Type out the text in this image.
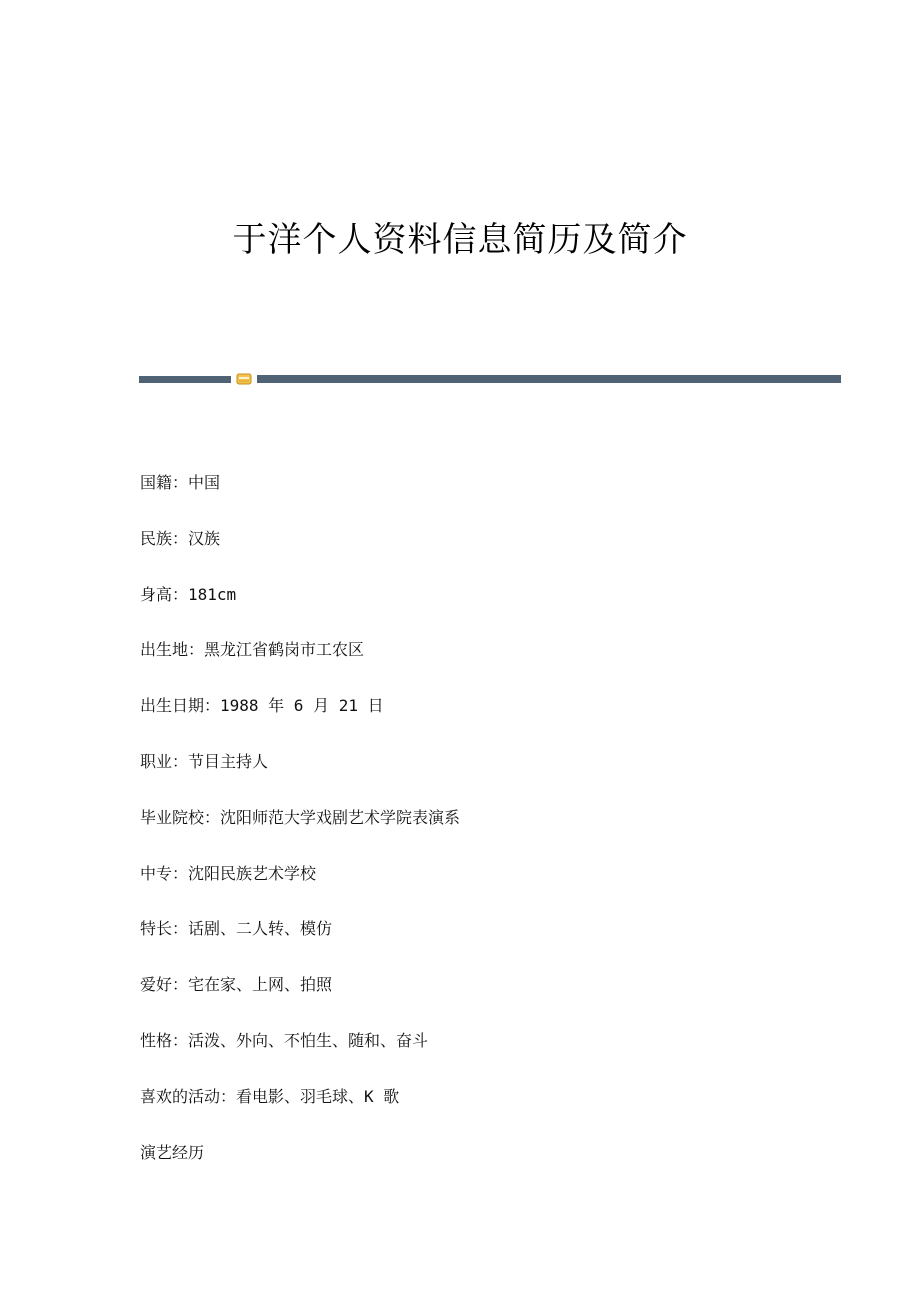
于洋个人资料信息简历及简介
国籍：中国
民族：汉族
身高：181cm
出生地：黑龙江省鹤岗市工农区
出生日期：1988 年 6 月 21 日
职业：节目主持人
毕业院校：沈阳师范大学戏剧艺术学院表演系
中专：沈阳民族艺术学校
特长：话剧、二人转、模仿
爱好：宅在家、上网、拍照
性格：活泼、外向、不怕生、随和、奋斗
喜欢的活动：看电影、羽毛球、K 歌
演艺经历
